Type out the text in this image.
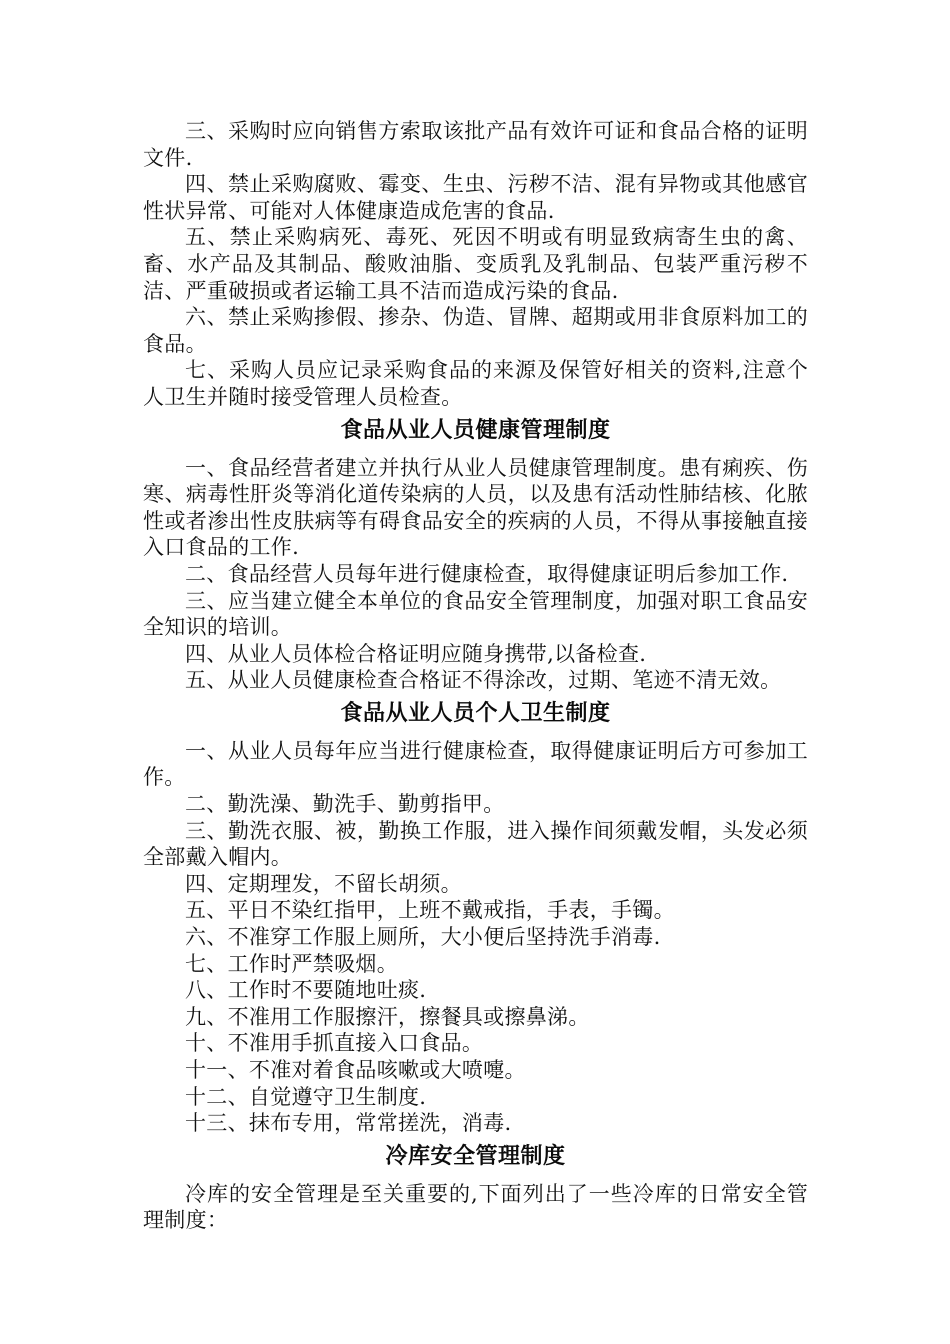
三、采购时应向销售方索取该批产品有效许可证和食品合格的证明文件.

四、禁止采购腐败、霉变、生虫、污秽不洁、混有异物或其他感官性状异常、可能对人体健康造成危害的食品.

五、禁止采购病死、毒死、死因不明或有明显致病寄生虫的禽、畜、水产品及其制品、酸败油脂、变质乳及乳制品、包装严重污秽不洁、严重破损或者运输工具不洁而造成污染的食品.

六、禁止采购掺假、掺杂、伪造、冒牌、超期或用非食原料加工的食品。

七、采购人员应记录采购食品的来源及保管好相关的资料,注意个人卫生并随时接受管理人员检查。

食品从业人员健康管理制度

一、食品经营者建立并执行从业人员健康管理制度。患有痢疾、伤寒、病毒性肝炎等消化道传染病的人员，以及患有活动性肺结核、化脓性或者渗出性皮肤病等有碍食品安全的疾病的人员，不得从事接触直接入口食品的工作.

二、食品经营人员每年进行健康检查，取得健康证明后参加工作.

三、应当建立健全本单位的食品安全管理制度，加强对职工食品安全知识的培训。

四、从业人员体检合格证明应随身携带,以备检查.

五、从业人员健康检查合格证不得涂改，过期、笔迹不清无效。

食品从业人员个人卫生制度

一、从业人员每年应当进行健康检查，取得健康证明后方可参加工作。

二、勤洗澡、勤洗手、勤剪指甲。

三、勤洗衣服、被，勤换工作服，进入操作间须戴发帽，头发必须全部戴入帽内。

四、定期理发，不留长胡须。

五、平日不染红指甲，上班不戴戒指，手表，手镯。

六、不准穿工作服上厕所，大小便后坚持洗手消毒.

七、工作时严禁吸烟。

八、工作时不要随地吐痰.

九、不准用工作服擦汗，擦餐具或擦鼻涕。

十、不准用手抓直接入口食品。

十一、不准对着食品咳嗽或大喷嚏。

十二、自觉遵守卫生制度.

十三、抹布专用，常常搓洗，消毒.

冷库安全管理制度

冷库的安全管理是至关重要的,下面列出了一些冷库的日常安全管理制度：
